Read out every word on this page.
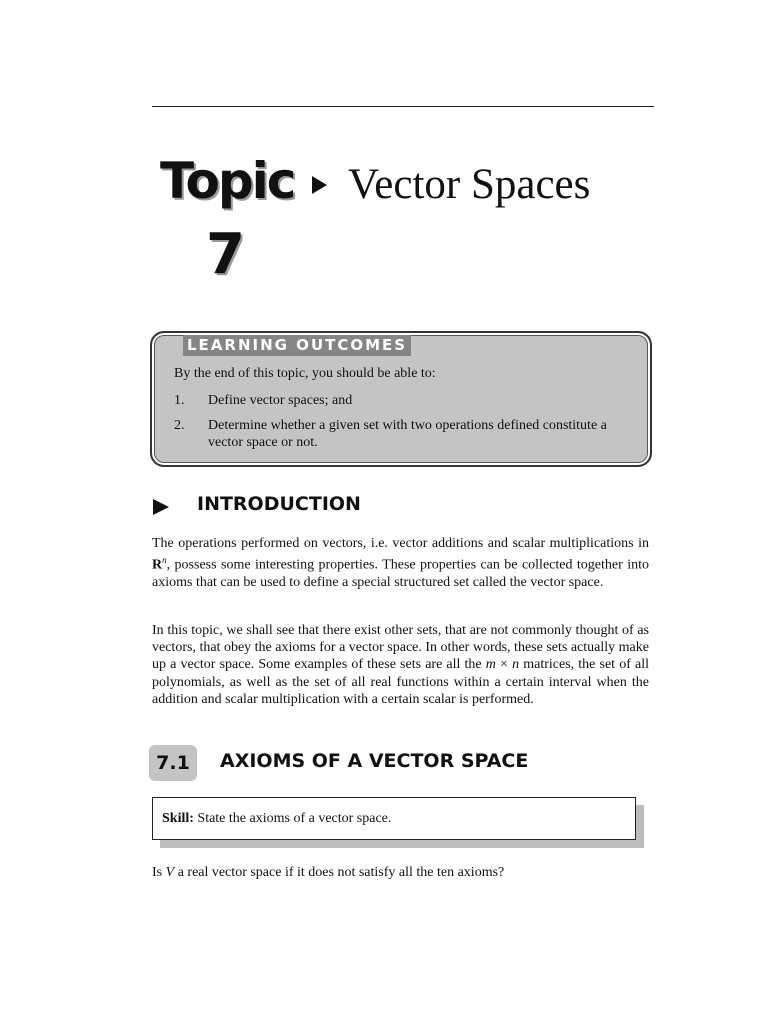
Topic
7
Vector Spaces
LEARNING OUTCOMES
By the end of this topic, you should be able to:
1. Define vector spaces; and
2. Determine whether a given set with two operations defined constitute a vector space or not.
INTRODUCTION

The operations performed on vectors, i.e. vector additions and scalar multiplications in $R^n$, possess some interesting properties. These properties can be collected together into axioms that can be used to define a special structured set called the vector space.

In this topic, we shall see that there exist other sets, that are not commonly thought of as vectors, that obey the axioms for a vector space. In other words, these sets actually make up a vector space. Some examples of these sets are all the m × n matrices, the set of all polynomials, as well as the set of all real functions within a certain interval when the addition and scalar multiplication with a certain scalar is performed.

7.1	AXIOMS OF A VECTOR SPACE
Skill: State the axioms of a vector space.
Is V a real vector space if it does not satisfy all the ten axioms?
